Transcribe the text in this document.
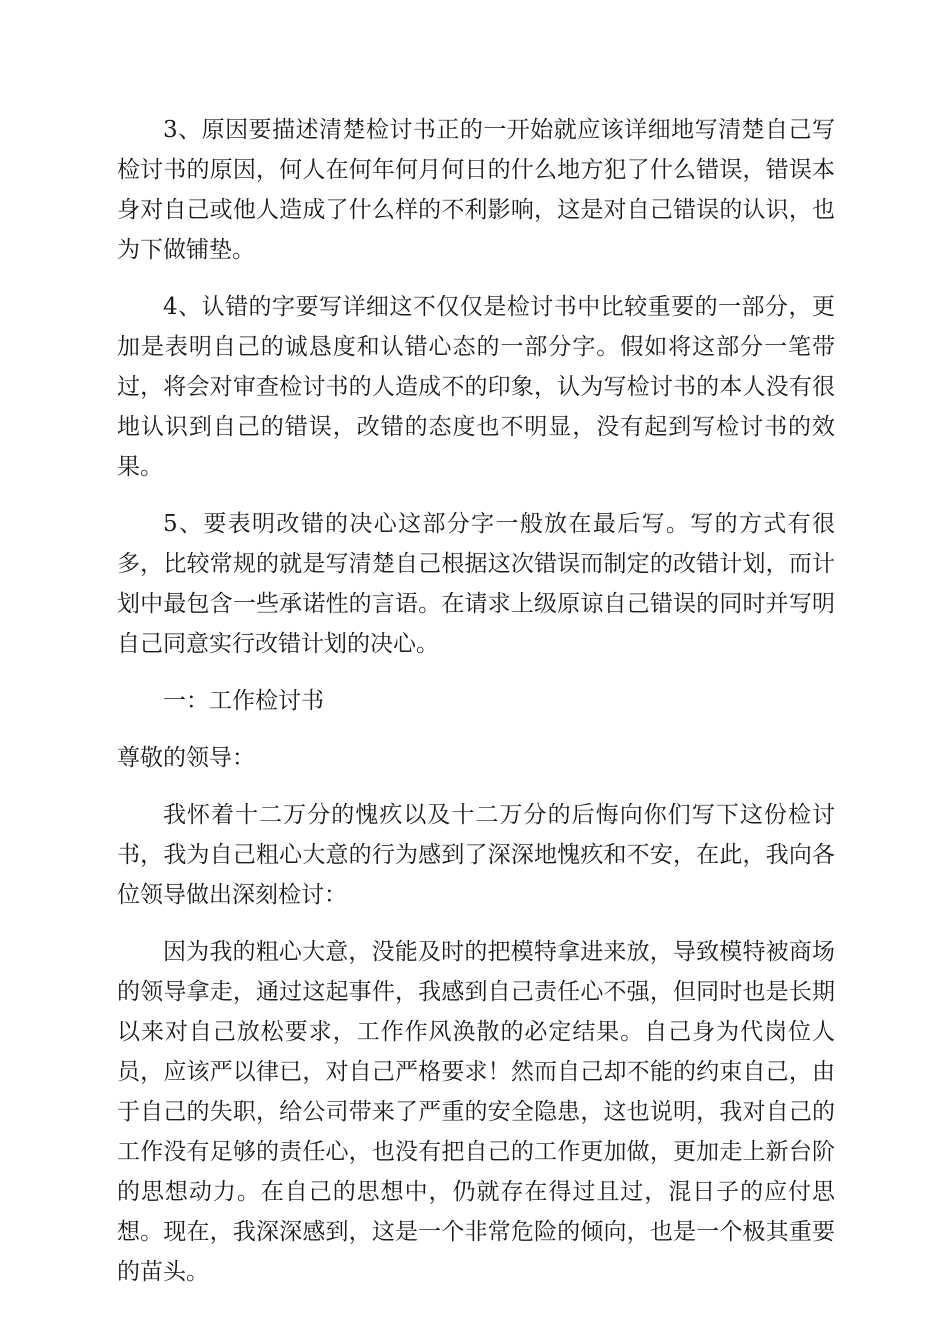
3、原因要描述清楚检讨书正的一开始就应该详细地写清楚自己写检讨书的原因，何人在何年何月何日的什么地方犯了什么错误，错误本身对自己或他人造成了什么样的不利影响，这是对自己错误的认识，也为下做铺垫。

4、认错的字要写详细这不仅仅是检讨书中比较重要的一部分，更加是表明自己的诚恳度和认错心态的一部分字。假如将这部分一笔带过，将会对审查检讨书的人造成不的印象，认为写检讨书的本人没有很地认识到自己的错误，改错的态度也不明显，没有起到写检讨书的效果。

5、要表明改错的决心这部分字一般放在最后写。写的方式有很多，比较常规的就是写清楚自己根据这次错误而制定的改错计划，而计划中最包含一些承诺性的言语。在请求上级原谅自己错误的同时并写明自己同意实行改错计划的决心。

一：工作检讨书

尊敬的领导：

我怀着十二万分的愧疚以及十二万分的后悔向你们写下这份检讨书，我为自己粗心大意的行为感到了深深地愧疚和不安，在此，我向各位领导做出深刻检讨：

因为我的粗心大意，没能及时的把模特拿进来放，导致模特被商场的领导拿走，通过这起事件，我感到自己责任心不强，但同时也是长期以来对自己放松要求，工作作风涣散的必定结果。自己身为代岗位人员，应该严以律已，对自己严格要求！然而自己却不能的约束自己，由于自己的失职，给公司带来了严重的安全隐患，这也说明，我对自己的工作没有足够的责任心，也没有把自己的工作更加做，更加走上新台阶的思想动力。在自己的思想中，仍就存在得过且过，混日子的应付思想。现在，我深深感到，这是一个非常危险的倾向，也是一个极其重要的苗头。
